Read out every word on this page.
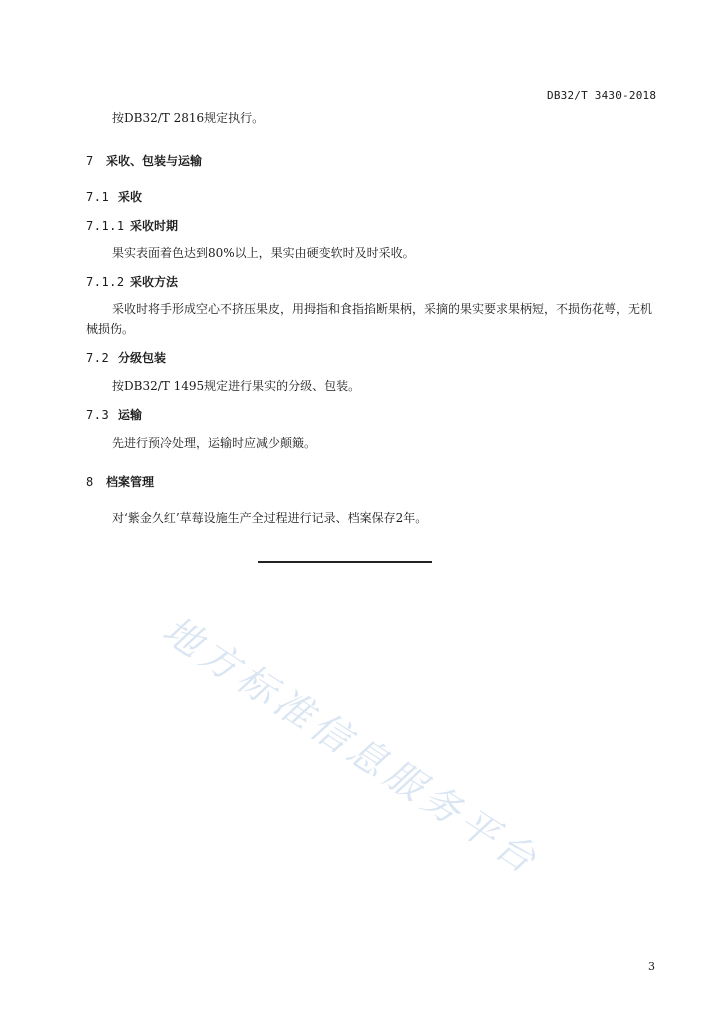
DB32/T 3430-2018
按DB32/T 2816规定执行。
7 采收、包装与运输
7.1 采收
7.1.1 采收时期
果实表面着色达到80%以上，果实由硬变软时及时采收。
7.1.2 采收方法
采收时将手形成空心不挤压果皮，用拇指和食指掐断果柄，采摘的果实要求果柄短，不损伤花萼，无机械损伤。
7.2 分级包装
按DB32/T 1495规定进行果实的分级、包装。
7.3 运输
先进行预冷处理，运输时应减少颠簸。
8 档案管理
对‘紫金久红’草莓设施生产全过程进行记录、档案保存2年。
地方标准信息服务平台
3
